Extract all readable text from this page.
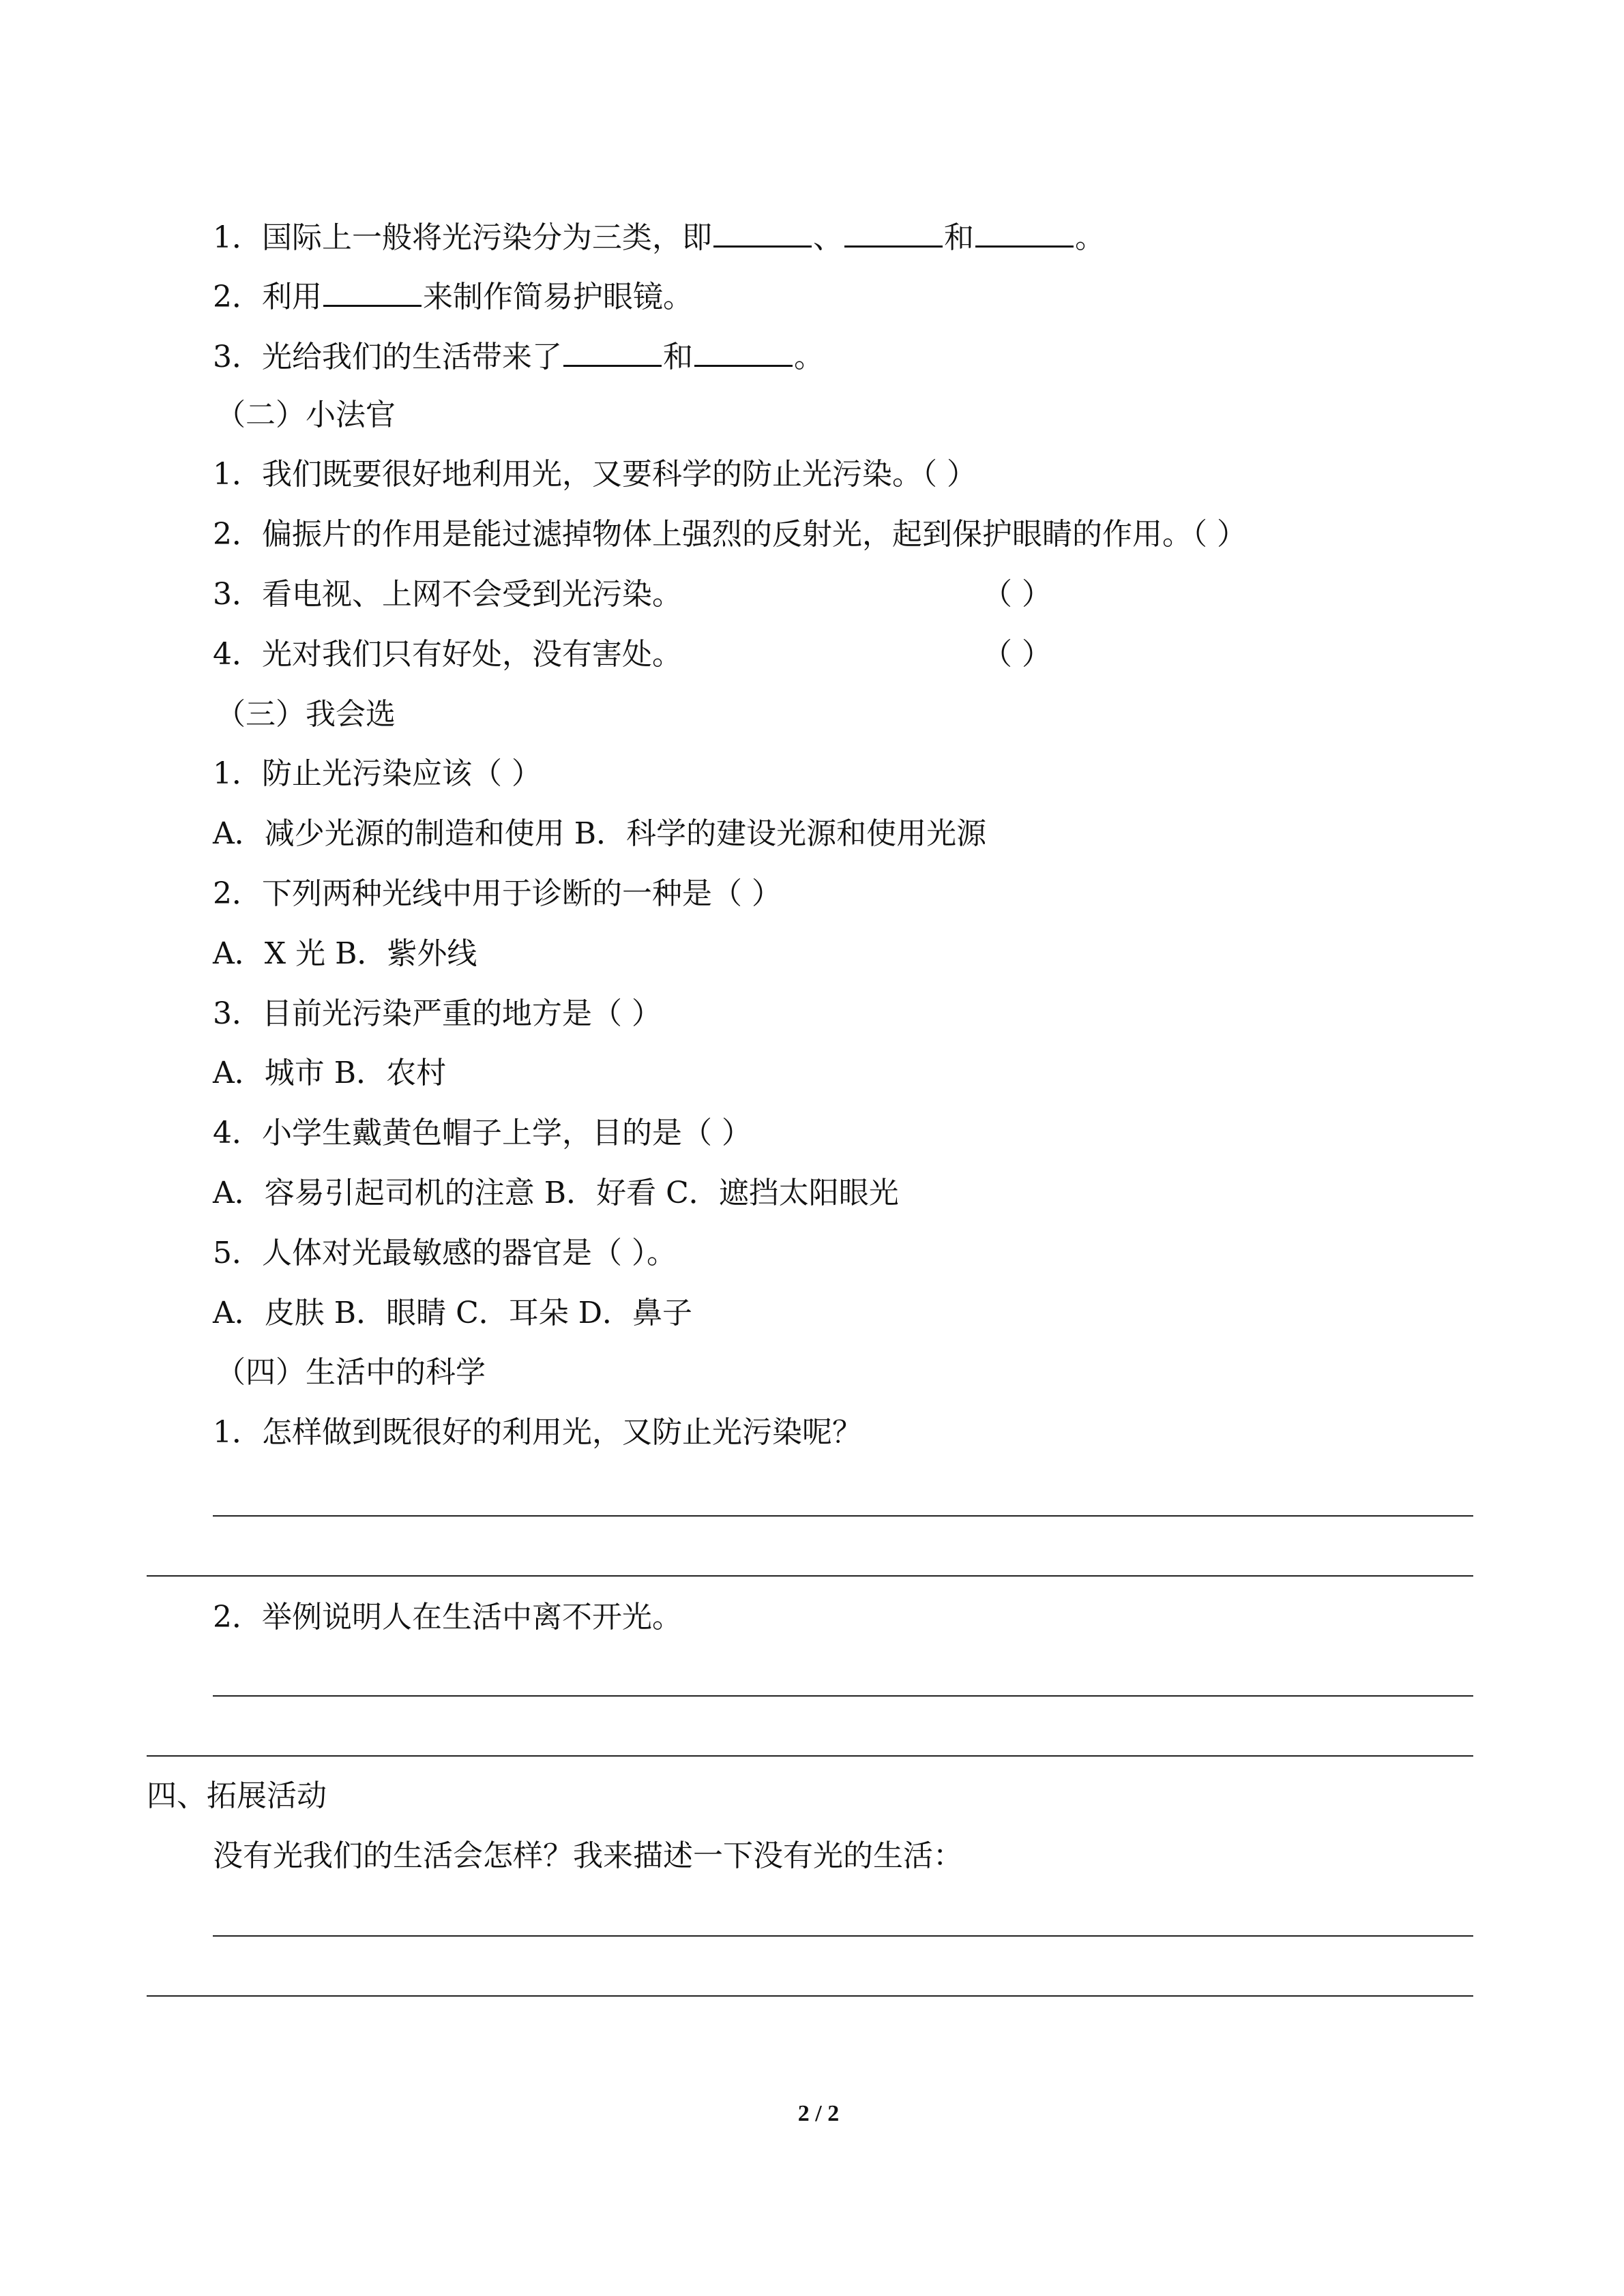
1．国际上一般将光污染分为三类，即	、	和	。
2．利用	来制作简易护眼镜。
3．光给我们的生活带来了	和	。
（二）小法官
1．我们既要很好地利用光，又要科学的防止光污染。（ ）
2．偏振片的作用是能过滤掉物体上强烈的反射光，起到保护眼睛的作用。（ ）
3．看电视、上网不会受到光污染。	（ ）
4．光对我们只有好处，没有害处。	（ ）
（三）我会选
1．防止光污染应该（ ）
A．减少光源的制造和使用 B．科学的建设光源和使用光源
2．下列两种光线中用于诊断的一种是（ ）
A．X 光 B．紫外线
3．目前光污染严重的地方是（ ）
A．城市 B．农村
4．小学生戴黄色帽子上学，目的是（ ）
A．容易引起司机的注意 B．好看 C．遮挡太阳眼光
5．人体对光最敏感的器官是（ ）。
A．皮肤 B．眼睛 C．耳朵 D．鼻子
（四）生活中的科学
1．怎样做到既很好的利用光，又防止光污染呢？
2．举例说明人在生活中离不开光。
四、拓展活动
没有光我们的生活会怎样？我来描述一下没有光的生活：
2 / 2
